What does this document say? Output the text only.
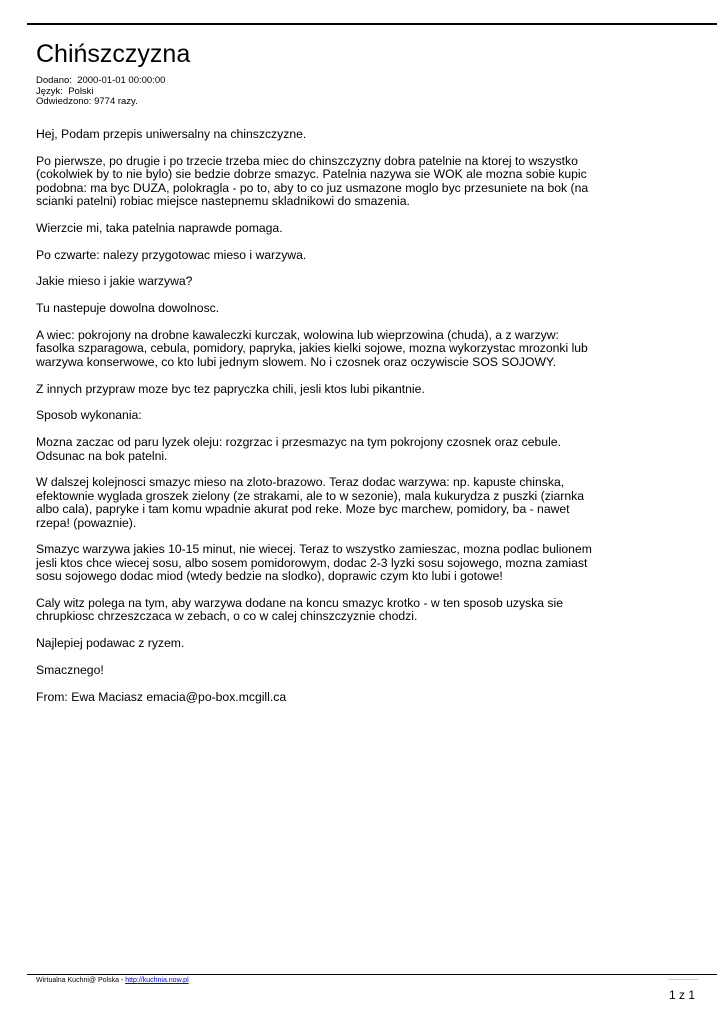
Chińszczyzna
Dodano:  2000-01-01 00:00:00
Język:  Polski
Odwiedzono: 9774 razy.

Hej, Podam przepis uniwersalny na chinszczyzne.

Po pierwsze, po drugie i po trzecie trzeba miec do chinszczyzny dobra patelnie na ktorej to wszystko
(cokolwiek by to nie bylo) sie bedzie dobrze smazyc. Patelnia nazywa sie WOK ale mozna sobie kupic
podobna: ma byc DUZA, polokragla - po to, aby to co juz usmazone moglo byc przesuniete na bok (na
scianki patelni) robiac miejsce nastepnemu skladnikowi do smazenia.

Wierzcie mi, taka patelnia naprawde pomaga.

Po czwarte: nalezy przygotowac mieso i warzywa.

Jakie mieso i jakie warzywa?

Tu nastepuje dowolna dowolnosc.

A wiec: pokrojony na drobne kawaleczki kurczak, wolowina lub wieprzowina (chuda), a z warzyw:
fasolka szparagowa, cebula, pomidory, papryka, jakies kielki sojowe, mozna wykorzystac mrozonki lub
warzywa konserwowe, co kto lubi jednym slowem. No i czosnek oraz oczywiscie SOS SOJOWY.

Z innych przypraw moze byc tez papryczka chili, jesli ktos lubi pikantnie.

Sposob wykonania:

Mozna zaczac od paru lyzek oleju: rozgrzac i przesmazyc na tym pokrojony czosnek oraz cebule.
Odsunac na bok patelni.

W dalszej kolejnosci smazyc mieso na zloto-brazowo. Teraz dodac warzywa: np. kapuste chinska,
efektownie wyglada groszek zielony (ze strakami, ale to w sezonie), mala kukurydza z puszki (ziarnka
albo cala), papryke i tam komu wpadnie akurat pod reke. Moze byc marchew, pomidory, ba - nawet
rzepa! (powaznie).

Smazyc warzywa jakies 10-15 minut, nie wiecej. Teraz to wszystko zamieszac, mozna podlac bulionem
jesli ktos chce wiecej sosu, albo sosem pomidorowym, dodac 2-3 lyzki sosu sojowego, mozna zamiast
sosu sojowego dodac miod (wtedy bedzie na slodko), doprawic czym kto lubi i gotowe!

Caly witz polega na tym, aby warzywa dodane na koncu smazyc krotko - w ten sposob uzyska sie
chrupkiosc chrzeszczaca w zebach, o co w calej chinszczyznie chodzi.

Najlepiej podawac z ryzem.

Smacznego!

From: Ewa Maciasz emacia@po-box.mcgill.ca

Wirtualna Kuchni@ Polska - http://kuchnia.now.pl
1 z 1
